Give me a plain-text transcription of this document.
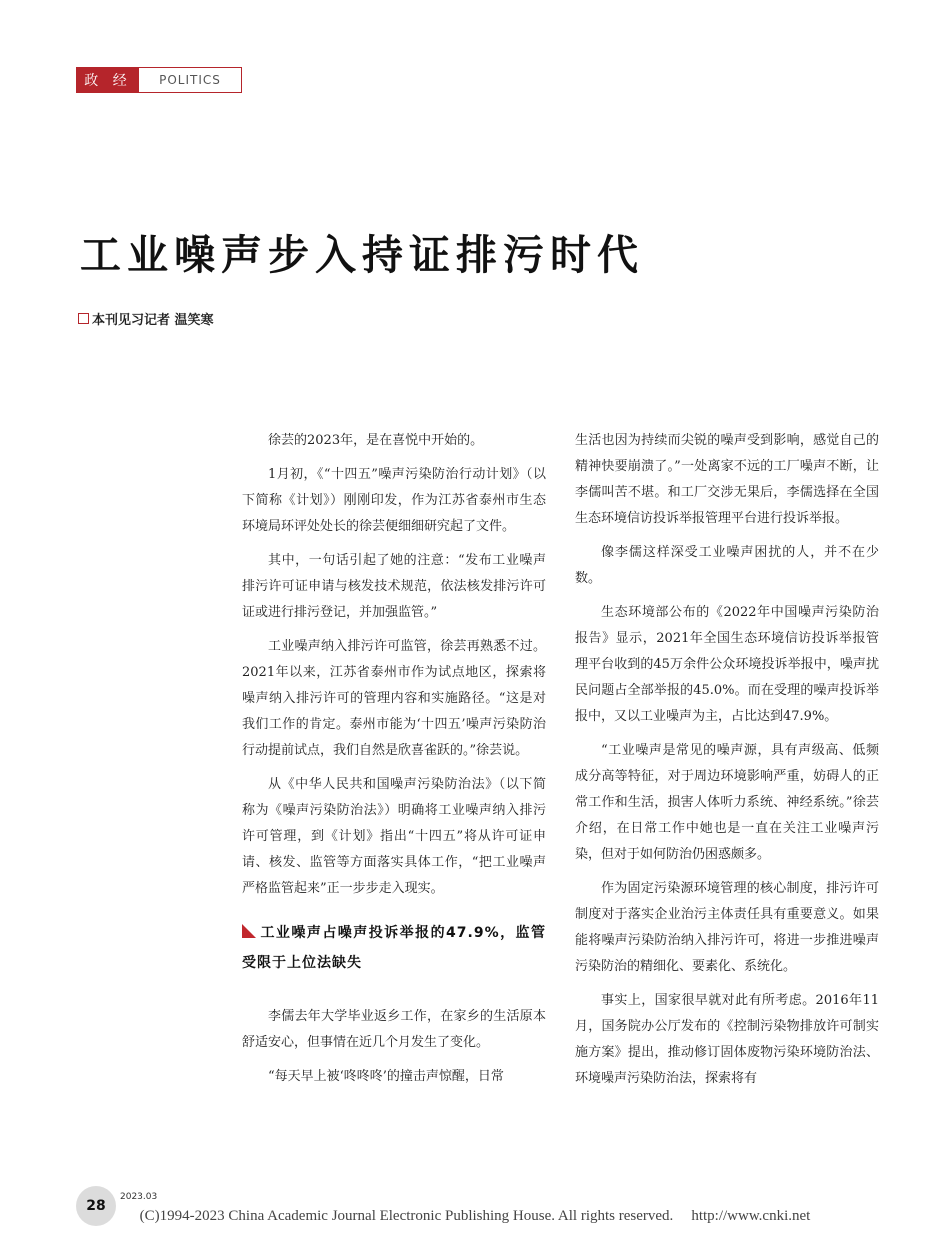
政 经	POLITICS
工业噪声步入持证排污时代
本刊见习记者 温笑寒

徐芸的2023年，是在喜悦中开始的。

1月初，《“十四五”噪声污染防治行动计划》（以下简称《计划》）刚刚印发，作为江苏省泰州市生态环境局环评处处长的徐芸便细细研究起了文件。

其中，一句话引起了她的注意：“发布工业噪声排污许可证申请与核发技术规范，依法核发排污许可证或进行排污登记，并加强监管。”

工业噪声纳入排污许可监管，徐芸再熟悉不过。2021年以来，江苏省泰州市作为试点地区，探索将噪声纳入排污许可的管理内容和实施路径。“这是对我们工作的肯定。泰州市能为‘十四五’噪声污染防治行动提前试点，我们自然是欣喜雀跃的。”徐芸说。

从《中华人民共和国噪声污染防治法》（以下简称为《噪声污染防治法》）明确将工业噪声纳入排污许可管理，到《计划》指出“十四五”将从许可证申请、核发、监管等方面落实具体工作，“把工业噪声严格监管起来”正一步步走入现实。

工业噪声占噪声投诉举报的47.9%，监管受限于上位法缺失

李儒去年大学毕业返乡工作，在家乡的生活原本舒适安心，但事情在近几个月发生了变化。

“每天早上被‘咚咚咚’的撞击声惊醒，日常

生活也因为持续而尖锐的噪声受到影响，感觉自己的精神快要崩溃了。”一处离家不远的工厂噪声不断，让李儒叫苦不堪。和工厂交涉无果后，李儒选择在全国生态环境信访投诉举报管理平台进行投诉举报。

像李儒这样深受工业噪声困扰的人，并不在少数。

生态环境部公布的《2022年中国噪声污染防治报告》显示，2021年全国生态环境信访投诉举报管理平台收到的45万余件公众环境投诉举报中，噪声扰民问题占全部举报的45.0%。而在受理的噪声投诉举报中，又以工业噪声为主，占比达到47.9%。

“工业噪声是常见的噪声源，具有声级高、低频成分高等特征，对于周边环境影响严重，妨碍人的正常工作和生活，损害人体听力系统、神经系统。”徐芸介绍，在日常工作中她也是一直在关注工业噪声污染，但对于如何防治仍困惑颇多。

作为固定污染源环境管理的核心制度，排污许可制度对于落实企业治污主体责任具有重要意义。如果能将噪声污染防治纳入排污许可，将进一步推进噪声污染防治的精细化、要素化、系统化。

事实上，国家很早就对此有所考虑。2016年11月，国务院办公厅发布的《控制污染物排放许可制实施方案》提出，推动修订固体废物污染环境防治法、环境噪声污染防治法，探索将有

28
2023.03
(C)1994-2023 China Academic Journal Electronic Publishing House. All rights reserved. http://www.cnki.net
